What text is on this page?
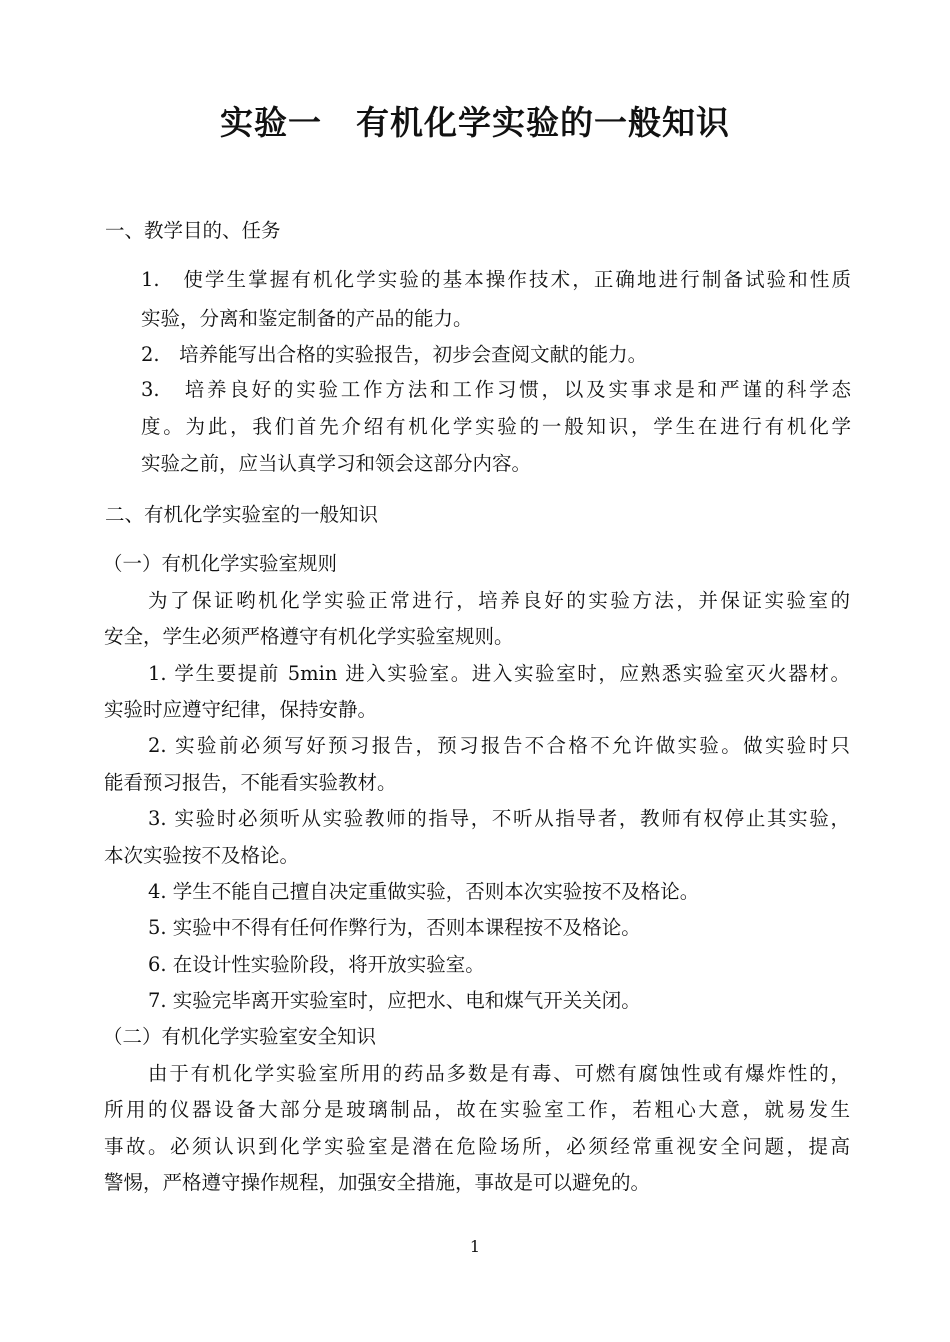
实验一　有机化学实验的一般知识

一、教学目的、任务

1.　使学生掌握有机化学实验的基本操作技术，正确地进行制备试验和性质

实验，分离和鉴定制备的产品的能力。

2.　培养能写出合格的实验报告，初步会查阅文献的能力。

3.　培养良好的实验工作方法和工作习惯，以及实事求是和严谨的科学态

度。为此，我们首先介绍有机化学实验的一般知识，学生在进行有机化学

实验之前，应当认真学习和领会这部分内容。

二、有机化学实验室的一般知识

（一）有机化学实验室规则

为了保证哟机化学实验正常进行，培养良好的实验方法，并保证实验室的

安全，学生必须严格遵守有机化学实验室规则。

1. 学生要提前 5min 进入实验室。进入实验室时，应熟悉实验室灭火器材。

实验时应遵守纪律，保持安静。

2. 实验前必须写好预习报告，预习报告不合格不允许做实验。做实验时只

能看预习报告，不能看实验教材。

3. 实验时必须听从实验教师的指导，不听从指导者，教师有权停止其实验，

本次实验按不及格论。

4. 学生不能自己擅自决定重做实验，否则本次实验按不及格论。

5. 实验中不得有任何作弊行为，否则本课程按不及格论。

6. 在设计性实验阶段，将开放实验室。

7. 实验完毕离开实验室时，应把水、电和煤气开关关闭。

（二）有机化学实验室安全知识

由于有机化学实验室所用的药品多数是有毒、可燃有腐蚀性或有爆炸性的，

所用的仪器设备大部分是玻璃制品，故在实验室工作，若粗心大意，就易发生

事故。必须认识到化学实验室是潜在危险场所，必须经常重视安全问题，提高

警惕，严格遵守操作规程，加强安全措施，事故是可以避免的。

1
